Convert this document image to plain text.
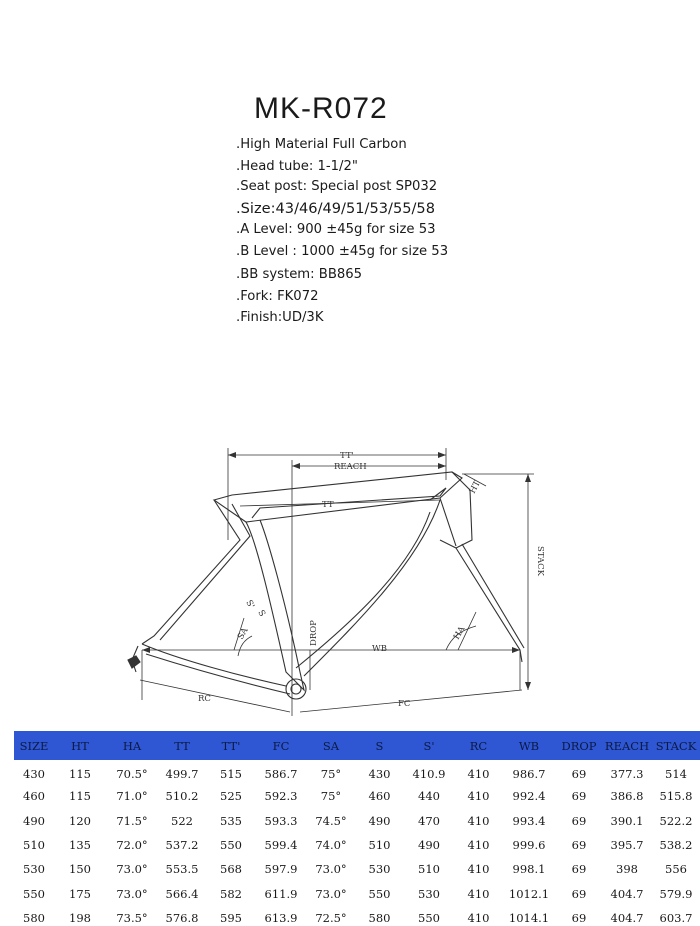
MK-R072
.High Material Full Carbon
.Head tube: 1-1/2"
.Seat post: Special post SP032
.Size:43/46/49/51/53/55/58
.A Level: 900 ±45g for size 53
.B Level : 1000 ±45g for size 53
.BB system: BB865
.Fork: FK072
.Finish:UD/3K
TT'
REACH
TT
HT
STACK
S'
S
SA	DROP
WB
HA
RC	FC
SIZE	HT	HA	TT	TT'	FC	SA	S	S'	RC	WB	DROP	REACH	STACK
430	115	70.5°	499.7	515	586.7	75°	430	410.9	410	986.7	69	377.3	514
460	115	71.0°	510.2	525	592.3	75°	460	440	410	992.4	69	386.8	515.8
490	120	71.5°	522	535	593.3	74.5°	490	470	410	993.4	69	390.1	522.2
510	135	72.0°	537.2	550	599.4	74.0°	510	490	410	999.6	69	395.7	538.2
530	150	73.0°	553.5	568	597.9	73.0°	530	510	410	998.1	69	398	556
550	175	73.0°	566.4	582	611.9	73.0°	550	530	410	1012.1	69	404.7	579.9
580	198	73.5°	576.8	595	613.9	72.5°	580	550	410	1014.1	69	404.7	603.7
